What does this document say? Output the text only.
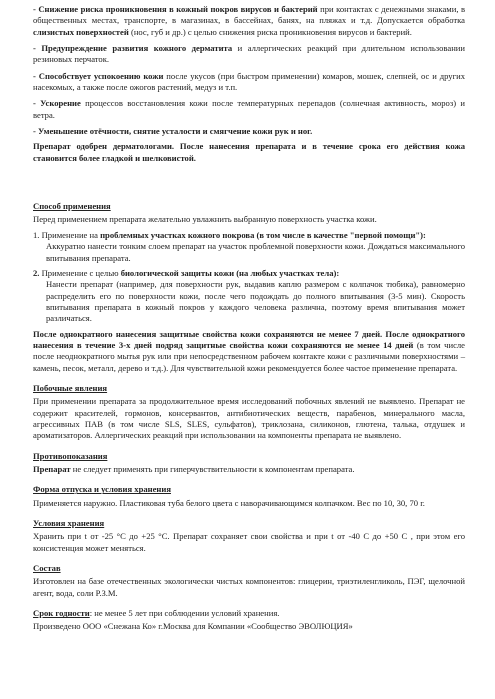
- Снижение риска проникновения в кожный покров вирусов и бактерий при контактах с денежными знаками, в общественных местах, транспорте, в магазинах, в бассейнах, банях, на пляжах и т.д. Допускается обработка слизистых поверхностей (нос, губ и др.) с целью снижения риска проникновения вирусов и бактерий.

- Предупреждение развития кожного дерматита и аллергических реакций при длительном использовании резиновых перчаток.

- Способствует успокоению кожи после укусов (при быстром применении) комаров, мошек, слепней, ос и других насекомых, а также после ожогов растений, медуз и т.п.

- Ускорение процессов восстановления кожи после температурных перепадов (солнечная активность, мороз) и ветра.

- Уменьшение отёчности, снятие усталости и смягчение кожи рук и ног.

Препарат одобрен дерматологами. После нанесения препарата и в течение срока его действия кожа становится более гладкой и шелковистой.

Способ применения

Перед применением препарата желательно увлажнить выбранную поверхность участка кожи.

1. Применение на проблемных участках кожного покрова (в том числе в качестве "первой помощи"):

Аккуратно нанести тонким слоем препарат на участок проблемной поверхности кожи. Дождаться максимального впитывания препарата.

2. Применение с целью биологической защиты кожи (на любых участках тела):

Нанести препарат (например, для поверхности рук, выдавив каплю размером с колпачок тюбика), равномерно распределить его по поверхности кожи, после чего подождать до полного впитывания (3-5 мин). Скорость впитывания препарата в кожный покров у каждого человека различна, поэтому время впитывания может различаться.

После однократного нанесения защитные свойства кожи сохраняются не менее 7 дней. После однократного нанесения в течение 3-х дней подряд защитные свойства кожи сохраняются не менее 14 дней (в том числе после неоднократного мытья рук или при непосредственном рабочем контакте кожи с различными поверхностями – камень, песок, металл, дерево и т.д.). Для чувствительной кожи рекомендуется более частое применение препарата.

Побочные явления

При применении препарата за продолжительное время исследований побочных явлений не выявлено. Препарат не содержит красителей, гормонов, консервантов, антибиотических веществ, парабенов, минерального масла, агрессивных ПАВ (в том числе SLS, SLES, сульфатов), триклозана, силиконов, глютена, талька, отдушек и ароматизаторов. Аллергических реакций при использовании на компоненты препарата не выявлено.

Противопоказания

Препарат не следует применять при гиперчувствительности к компонентам препарата.

Форма отпуска и условия хранения

Применяется наружно. Пластиковая туба белого цвета с наворачивающимся колпачком. Вес по 10, 30, 70 г.

Условия хранения

Хранить при t от -25 °С до +25 °С. Препарат сохраняет свои свойства и при t от -40 С до +50 С , при этом его консистенция может меняться.

Состав

Изготовлен на базе отечественных экологически чистых компонентов: глицерин, триэтиленгликоль, ПЭГ, щелочной агент, вода, соли Р.З.М.

Срок годности: не менее 5 лет при соблюдении условий хранения.

Произведено ООО «Снежана Ко» г.Москва для Компании «Сообщество ЭВОЛЮЦИЯ»
